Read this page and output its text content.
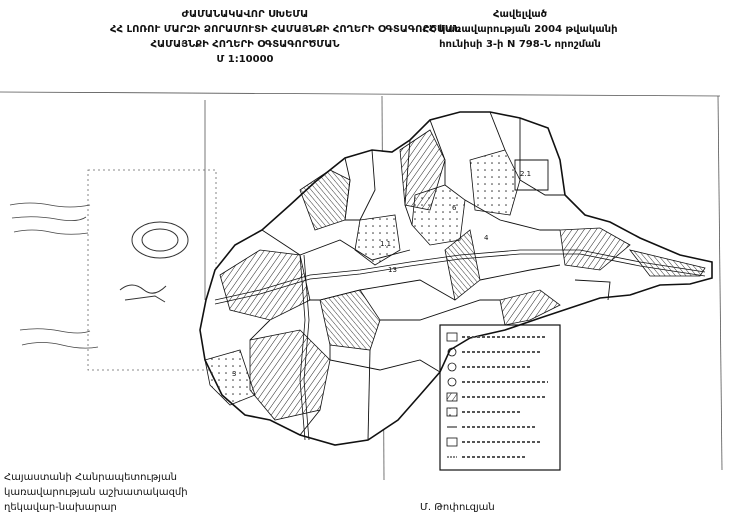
13
1.1
6
4
2.1
3
ԺԱՄԱՆԱԿԱՎՈՐ ՍԽԵՄԱ
ՀՀ ԼՈՌՈՒ ՄԱՐԶԻ ՁՈՐԱՄՈՒՏԻ ՀԱՄԱՅՆՔԻ ՀՈՂԵՐԻ ՕԳՏԱԳՈՐԾՄԱՆ
ՀԱՄԱՅՆՔԻ ՀՈՂԵՐԻ ՕԳՏԱԳՈՐԾՄԱՆ
Մ 1:10000
Հավելված
ՀՀ կառավարության 2004 թվականի
հունիսի 3-ի N 798-Ն որոշման
Հայաստանի Հանրապետության
կառավարության աշխատակազմի
ղեկավար-նախարար	Մ. Թոփուզյան
